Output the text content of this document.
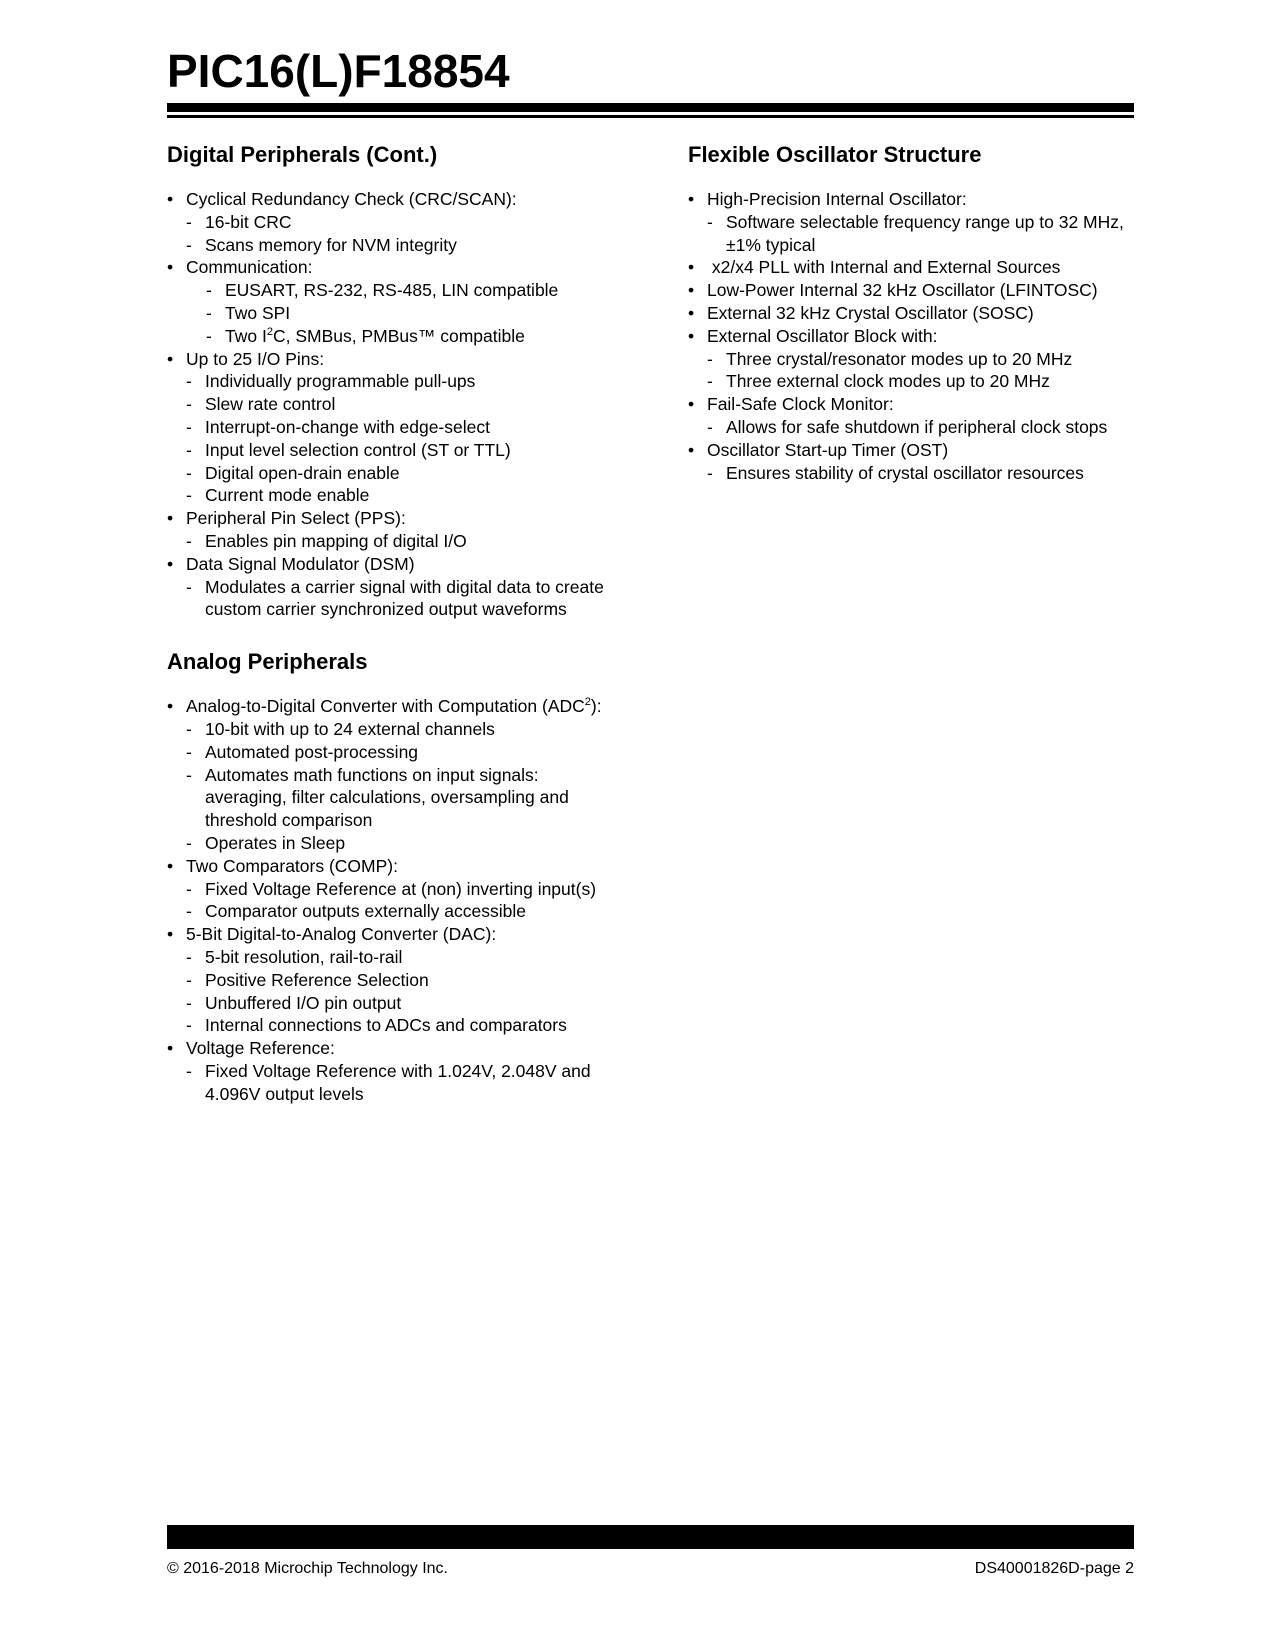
PIC16(L)F18854
Digital Peripherals (Cont.)
• Cyclical Redundancy Check (CRC/SCAN):
- 16-bit CRC
- Scans memory for NVM integrity
• Communication:
- EUSART, RS-232, RS-485, LIN compatible
- Two SPI
- Two $I^2C$, SMBus, PMBus™ compatible
• Up to 25 I/O Pins:
- Individually programmable pull-ups
- Slew rate control
- Interrupt-on-change with edge-select
- Input level selection control (ST or TTL)
- Digital open-drain enable
- Current mode enable
• Peripheral Pin Select (PPS):
- Enables pin mapping of digital I/O
• Data Signal Modulator (DSM)
- Modulates a carrier signal with digital data to create custom carrier synchronized output waveforms
Analog Peripherals
• Analog-to-Digital Converter with Computation (ADC$^2$):
- 10-bit with up to 24 external channels
- Automated post-processing
- Automates math functions on input signals: averaging, filter calculations, oversampling and threshold comparison
- Operates in Sleep
• Two Comparators (COMP):
- Fixed Voltage Reference at (non) inverting input(s)
- Comparator outputs externally accessible
• 5-Bit Digital-to-Analog Converter (DAC):
- 5-bit resolution, rail-to-rail
- Positive Reference Selection
- Unbuffered I/O pin output
- Internal connections to ADCs and comparators
• Voltage Reference:
- Fixed Voltage Reference with 1.024V, 2.048V and 4.096V output levels
Flexible Oscillator Structure
• High-Precision Internal Oscillator:
- Software selectable frequency range up to 32 MHz, ±1% typical
• x2/x4 PLL with Internal and External Sources
• Low-Power Internal 32 kHz Oscillator (LFINTOSC)
• External 32 kHz Crystal Oscillator (SOSC)
• External Oscillator Block with:
- Three crystal/resonator modes up to 20 MHz
- Three external clock modes up to 20 MHz
• Fail-Safe Clock Monitor:
- Allows for safe shutdown if peripheral clock stops
• Oscillator Start-up Timer (OST)
- Ensures stability of crystal oscillator resources
© 2016-2018 Microchip Technology Inc.	DS40001826D-page 2
